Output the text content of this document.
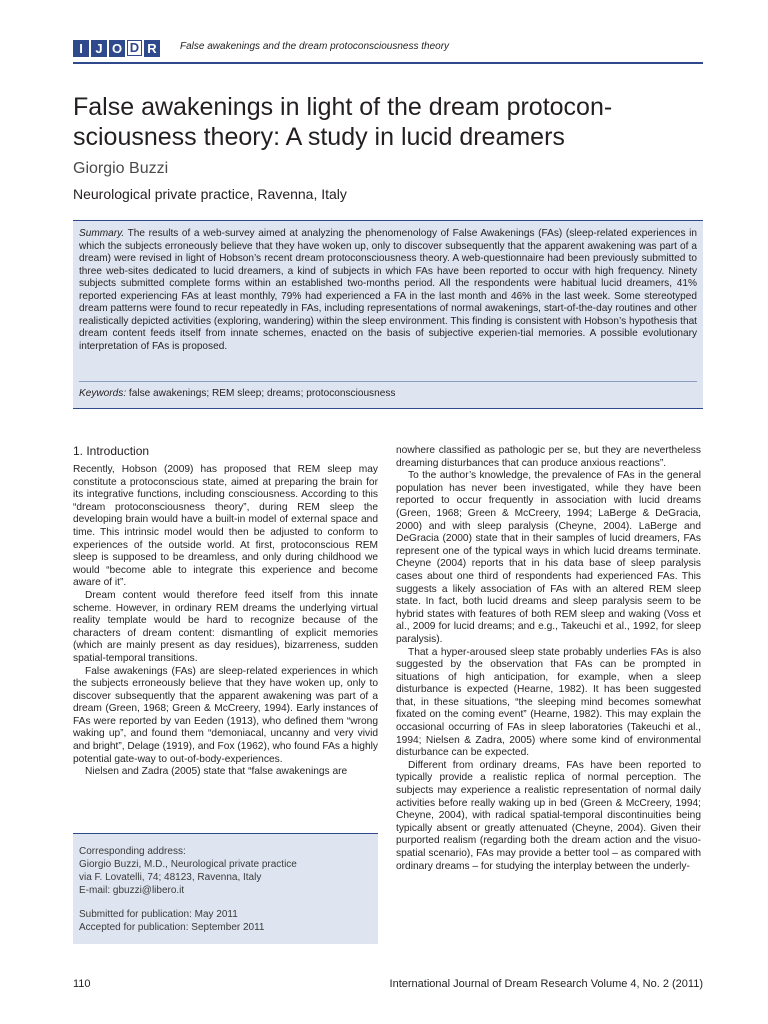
I J O D R	False awakenings and the dream protoconsciousness theory
False awakenings in light of the dream protocon-
sciousness theory: A study in lucid dreamers
Giorgio Buzzi
Neurological private practice, Ravenna, Italy

Summary. The results of a web-survey aimed at analyzing the phenomenology of False Awakenings (FAs) (sleep-related experiences in which the subjects erroneously believe that they have woken up, only to discover subsequently that the apparent awakening was part of a dream) were revised in light of Hobson’s recent dream protoconsciousness theory. A web-questionnaire had been previously submitted to three web-sites dedicated to lucid dreamers, a kind of subjects in which FAs have been reported to occur with high frequency. Ninety subjects submitted complete forms within an established two-months period. All the respondents were habitual lucid dreamers, 41% reported experiencing FAs at least monthly, 79% had experienced a FA in the last month and 46% in the last week. Some stereotyped dream patterns were found to recur repeatedly in FAs, including representations of normal awakenings, start-of-the-day routines and other realistically depicted activities (exploring, wandering) within the sleep environment. This finding is consistent with Hobson’s hypothesis that dream content feeds itself from innate schemes, enacted on the basis of subjective experien-tial memories. A possible evolutionary interpretation of FAs is proposed.

Keywords: false awakenings; REM sleep; dreams; protoconsciousness

1. Introduction

Recently, Hobson (2009) has proposed that REM sleep may constitute a protoconscious state, aimed at preparing the brain for its integrative functions, including consciousness. According to this “dream protoconsciousness theory”, during REM sleep the developing brain would have a built-in model of external space and time. This intrinsic model would then be adjusted to conform to experiences of the outside world. At first, protoconscious REM sleep is supposed to be dreamless, and only during childhood we would “become able to integrate this experience and become aware of it”.

Dream content would therefore feed itself from this innate scheme. However, in ordinary REM dreams the underlying virtual reality template would be hard to recognize because of the characters of dream content: dismantling of explicit memories (which are mainly present as day residues), bizarreness, sudden spatial-temporal transitions.

False awakenings (FAs) are sleep-related experiences in which the subjects erroneously believe that they have woken up, only to discover subsequently that the apparent awakening was part of a dream (Green, 1968; Green & McCreery, 1994). Early instances of FAs were reported by van Eeden (1913), who defined them “wrong waking up”, and found them “demoniacal, uncanny and very vivid and bright”, Delage (1919), and Fox (1962), who found FAs a highly potential gate-way to out-of-body-experiences.

Nielsen and Zadra (2005) state that “false awakenings are

nowhere classified as pathologic per se, but they are nevertheless dreaming disturbances that can produce anxious reactions”.

To the author’s knowledge, the prevalence of FAs in the general population has never been investigated, while they have been reported to occur frequently in association with lucid dreams (Green, 1968; Green & McCreery, 1994; LaBerge & DeGracia, 2000) and with sleep paralysis (Cheyne, 2004). LaBerge and DeGracia (2000) state that in their samples of lucid dreamers, FAs represent one of the typical ways in which lucid dreams terminate. Cheyne (2004) reports that in his data base of sleep paralysis cases about one third of respondents had experienced FAs. This suggests a likely association of FAs with an altered REM sleep state. In fact, both lucid dreams and sleep paralysis seem to be hybrid states with features of both REM sleep and waking (Voss et al., 2009 for lucid dreams; and e.g., Takeuchi et al., 1992, for sleep paralysis).

That a hyper-aroused sleep state probably underlies FAs is also suggested by the observation that FAs can be prompted in situations of high anticipation, for example, when a sleep disturbance is expected (Hearne, 1982). It has been suggested that, in these situations, “the sleeping mind becomes somewhat fixated on the coming event” (Hearne, 1982). This may explain the occasional occurring of FAs in sleep laboratories (Takeuchi et al., 1994; Nielsen & Zadra, 2005) where some kind of environmental disturbance can be expected.

Different from ordinary dreams, FAs have been reported to typically provide a realistic replica of normal perception. The subjects may experience a realistic representation of normal daily activities before really waking up in bed (Green & McCreery, 1994; Cheyne, 2004), with radical spatial-temporal discontinuities being typically absent or greatly attenuated (Cheyne, 2004). Given their purported realism (regarding both the dream action and the visuo-spatial scenario), FAs may provide a better tool – as compared with ordinary dreams – for studying the interplay between the underly-

Corresponding address:
Giorgio Buzzi, M.D., Neurological private practice
via F. Lovatelli, 74; 48123, Ravenna, Italy
E-mail: gbuzzi@libero.it
Submitted for publication: May 2011
Accepted for publication: September 2011
110	International Journal of Dream Research Volume 4, No. 2 (2011)
